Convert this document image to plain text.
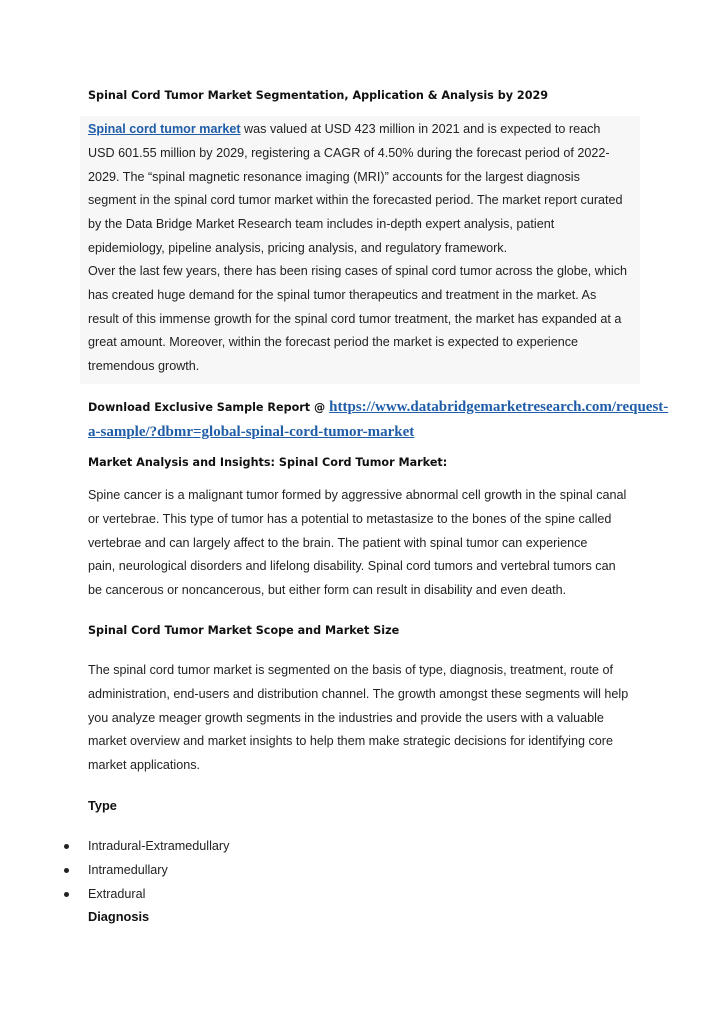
Spinal Cord Tumor Market Segmentation, Application & Analysis by 2029
Spinal cord tumor market was valued at USD 423 million in 2021 and is expected to reach
USD 601.55 million by 2029, registering a CAGR of 4.50% during the forecast period of 2022-
2029. The “spinal magnetic resonance imaging (MRI)” accounts for the largest diagnosis
segment in the spinal cord tumor market within the forecasted period. The market report curated
by the Data Bridge Market Research team includes in-depth expert analysis, patient
epidemiology, pipeline analysis, pricing analysis, and regulatory framework.
Over the last few years, there has been rising cases of spinal cord tumor across the globe, which
has created huge demand for the spinal tumor therapeutics and treatment in the market. As
result of this immense growth for the spinal cord tumor treatment, the market has expanded at a
great amount. Moreover, within the forecast period the market is expected to experience
tremendous growth.
Download Exclusive Sample Report @ https://www.databridgemarketresearch.com/request-
a-sample/?dbmr=global-spinal-cord-tumor-market
Market Analysis and Insights: Spinal Cord Tumor Market:
Spine cancer is a malignant tumor formed by aggressive abnormal cell growth in the spinal canal
or vertebrae. This type of tumor has a potential to metastasize to the bones of the spine called
vertebrae and can largely affect to the brain. The patient with spinal tumor can experience
pain, neurological disorders and lifelong disability. Spinal cord tumors and vertebral tumors can
be cancerous or noncancerous, but either form can result in disability and even death.
Spinal Cord Tumor Market Scope and Market Size
The spinal cord tumor market is segmented on the basis of type, diagnosis, treatment, route of
administration, end-users and distribution channel. The growth amongst these segments will help
you analyze meager growth segments in the industries and provide the users with a valuable
market overview and market insights to help them make strategic decisions for identifying core
market applications.
Type
Intradural-Extramedullary
Intramedullary
Extradural
Diagnosis
